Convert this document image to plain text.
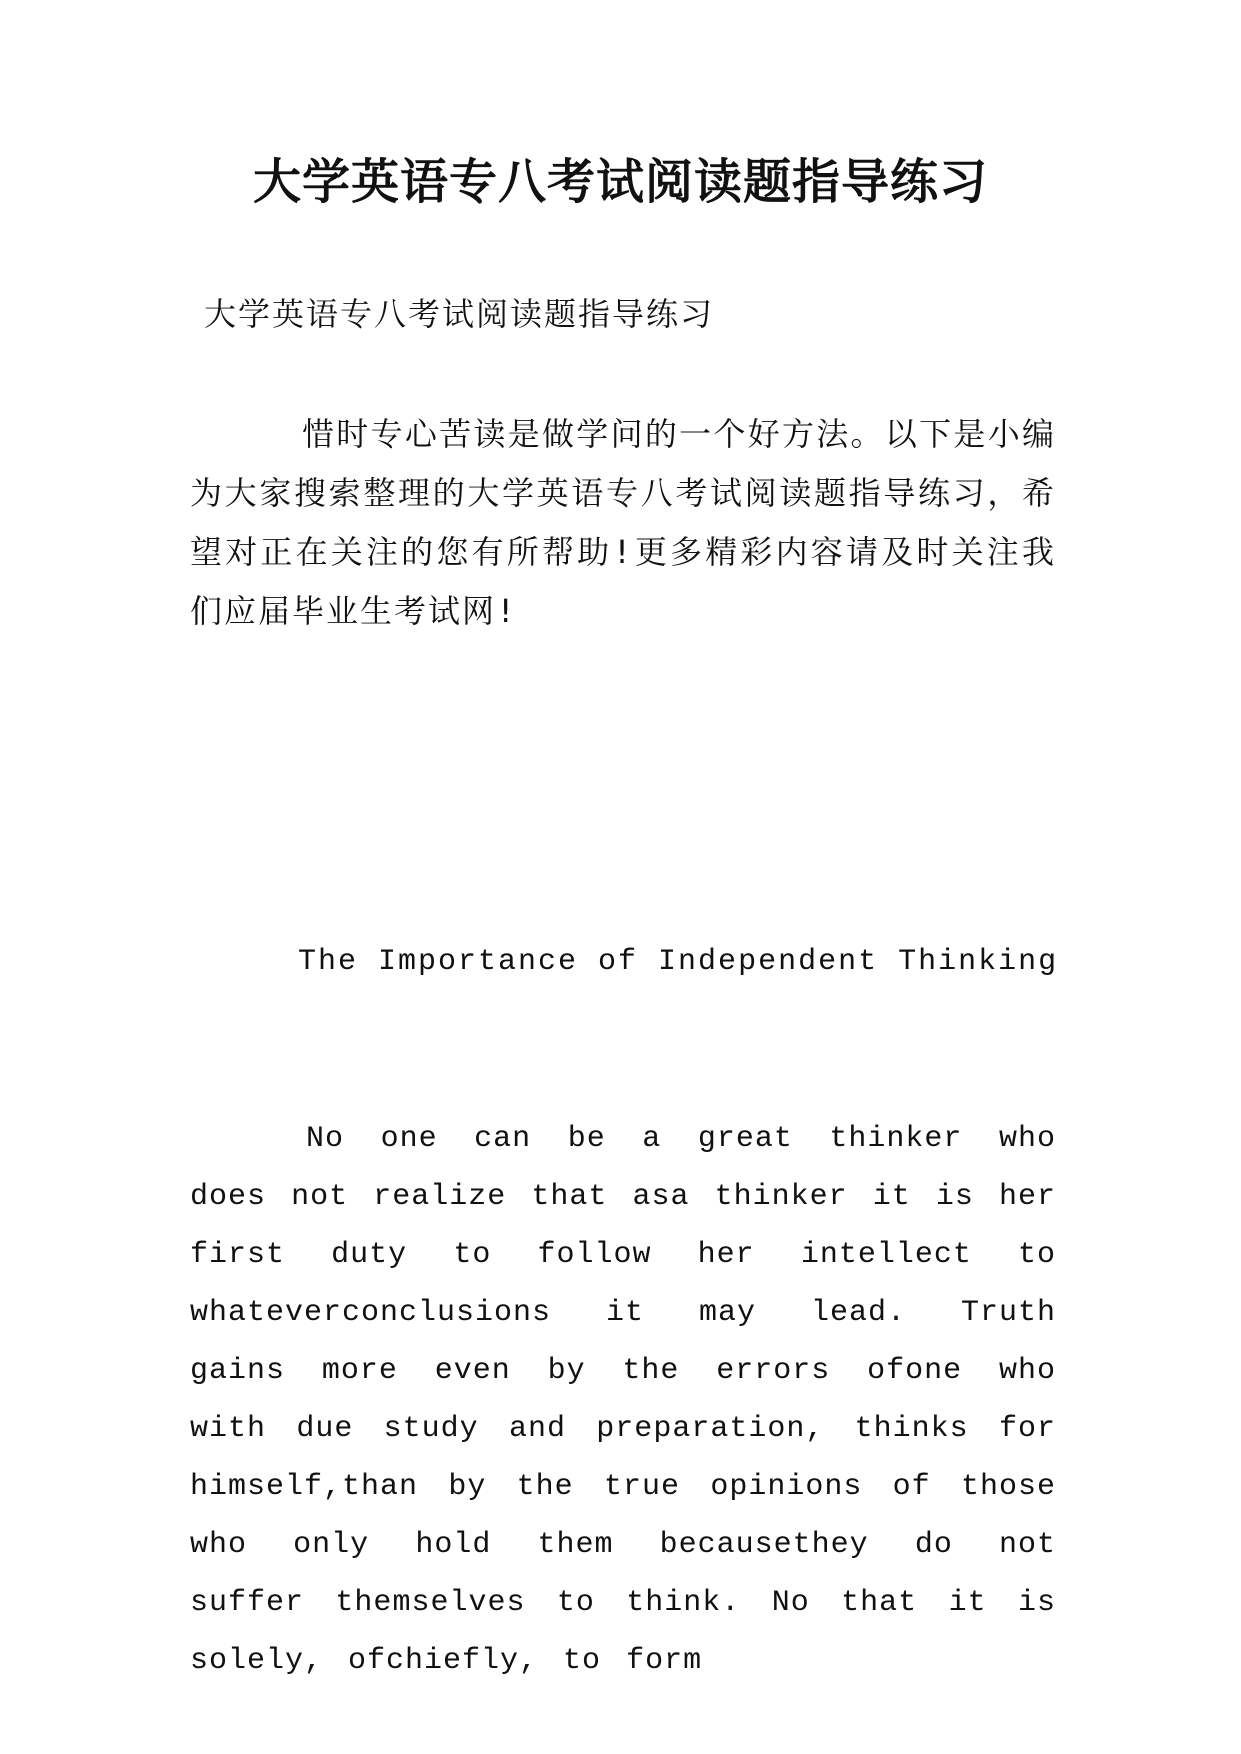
大学英语专八考试阅读题指导练习
大学英语专八考试阅读题指导练习
惜时专心苦读是做学问的一个好方法。以下是小编为大家搜索整理的大学英语专八考试阅读题指导练习，希望对正在关注的您有所帮助!更多精彩内容请及时关注我们应届毕业生考试网!
The Importance of Independent Thinking
No one can be a great thinker who does not realize that asa thinker it is her first duty to follow her intellect to whateverconclusions it may lead. Truth gains more even by the errors ofone who with due study and preparation, thinks for himself,than by the true opinions of those who only hold them becausethey do not suffer themselves to think. No that it is solely, ofchiefly, to form
